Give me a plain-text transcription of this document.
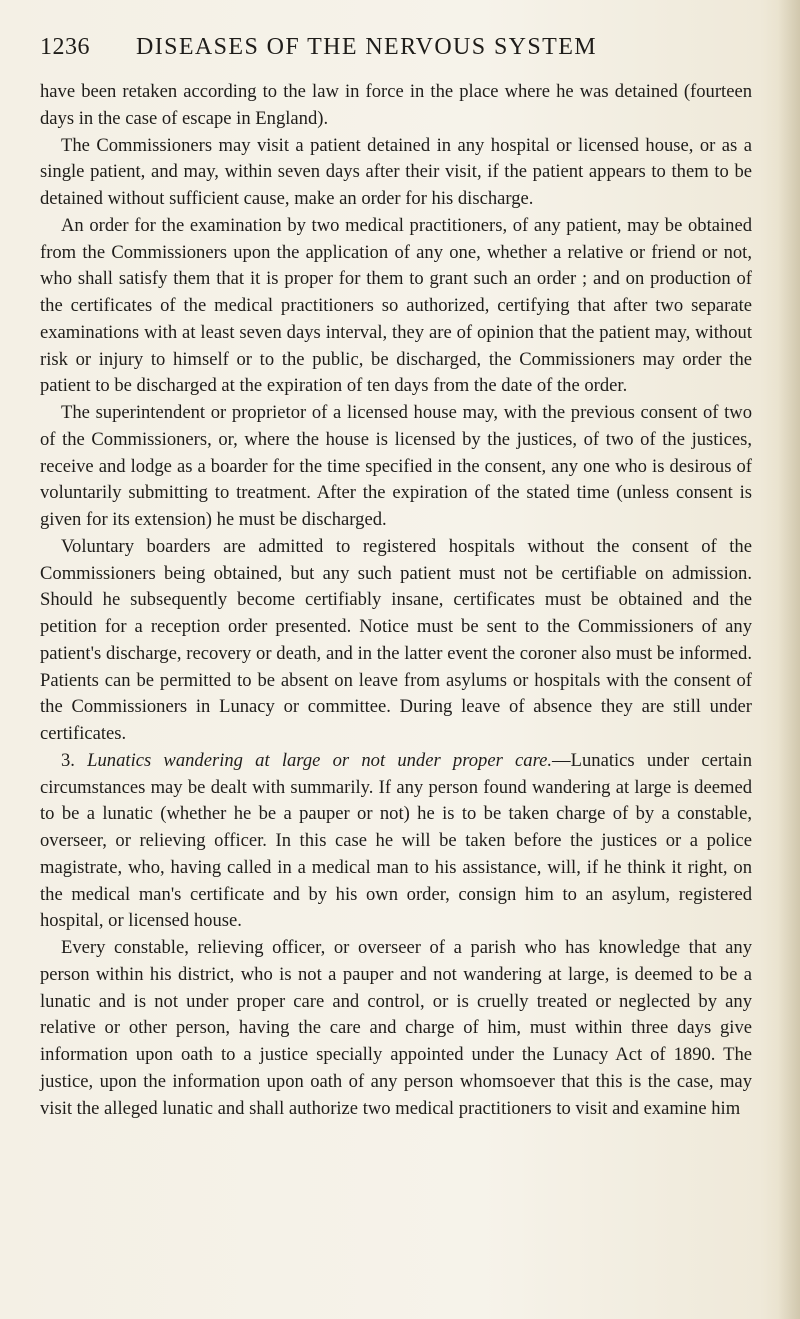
1236 DISEASES OF THE NERVOUS SYSTEM

have been retaken according to the law in force in the place where he was detained (fourteen days in the case of escape in England).

The Commissioners may visit a patient detained in any hospital or licensed house, or as a single patient, and may, within seven days after their visit, if the patient appears to them to be detained without sufficient cause, make an order for his discharge.

An order for the examination by two medical practitioners, of any patient, may be obtained from the Commissioners upon the application of any one, whether a relative or friend or not, who shall satisfy them that it is proper for them to grant such an order ; and on production of the certificates of the medical practitioners so authorized, certifying that after two separate examinations with at least seven days interval, they are of opinion that the patient may, without risk or injury to himself or to the public, be discharged, the Commissioners may order the patient to be discharged at the expiration of ten days from the date of the order.

The superintendent or proprietor of a licensed house may, with the previous consent of two of the Commissioners, or, where the house is licensed by the justices, of two of the justices, receive and lodge as a boarder for the time specified in the consent, any one who is desirous of voluntarily submitting to treatment. After the expiration of the stated time (unless consent is given for its extension) he must be discharged.

Voluntary boarders are admitted to registered hospitals without the consent of the Commissioners being obtained, but any such patient must not be certifiable on admission. Should he subsequently become certifiably insane, certificates must be obtained and the petition for a reception order presented. Notice must be sent to the Commissioners of any patient's discharge, recovery or death, and in the latter event the coroner also must be informed. Patients can be permitted to be absent on leave from asylums or hospitals with the consent of the Commissioners in Lunacy or committee. During leave of absence they are still under certificates.

3. Lunatics wandering at large or not under proper care.—Lunatics under certain circumstances may be dealt with summarily. If any person found wandering at large is deemed to be a lunatic (whether he be a pauper or not) he is to be taken charge of by a constable, overseer, or relieving officer. In this case he will be taken before the justices or a police magistrate, who, having called in a medical man to his assistance, will, if he think it right, on the medical man's certificate and by his own order, consign him to an asylum, registered hospital, or licensed house.

Every constable, relieving officer, or overseer of a parish who has knowledge that any person within his district, who is not a pauper and not wandering at large, is deemed to be a lunatic and is not under proper care and control, or is cruelly treated or neglected by any relative or other person, having the care and charge of him, must within three days give information upon oath to a justice specially appointed under the Lunacy Act of 1890. The justice, upon the information upon oath of any person whomsoever that this is the case, may visit the alleged lunatic and shall authorize two medical practitioners to visit and examine him
